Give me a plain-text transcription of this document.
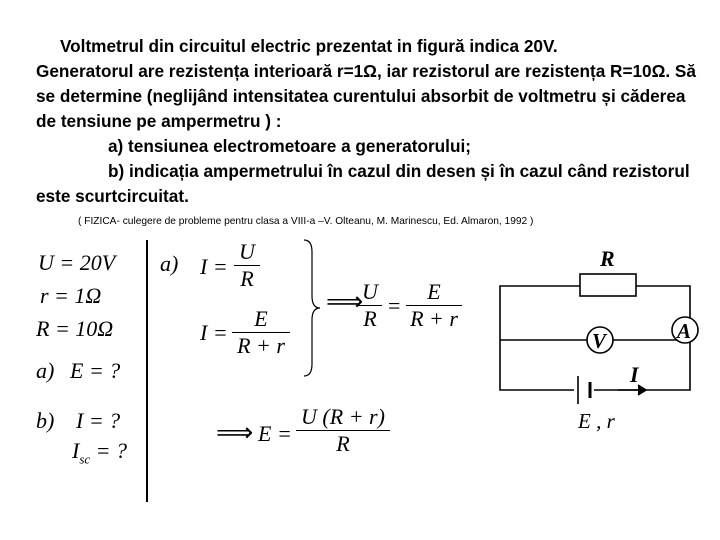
Voltmetrul din circuitul electric prezentat in figură indica 20V.

Generatorul are rezistența interioară r=1Ω, iar rezistorul are rezistența R=10Ω. Să se determine (neglijând intensitatea curentului absorbit de voltmetru și căderea de tensiune pe ampermetru ) :

a) tensiunea electrometoare a generatorului;

b) indicația ampermetrului în cazul din desen și în cazul când rezistorul este scurtcircuitat.

( FIZICA- culegere de probleme pentru clasa a VIII-a –V. Olteanu, M. Marinescu, Ed. Almaron, 1992 )
U = 20V
r = 1Ω
R = 10Ω
a) E = ?
b) I = ?
$I_{sc}$ = ?
a) I =
U
R
I =
E
R + r
⟹
U
R
=
E
R + r
⟹ E =
U (R + r)
R
R
V	A
I
E , r
